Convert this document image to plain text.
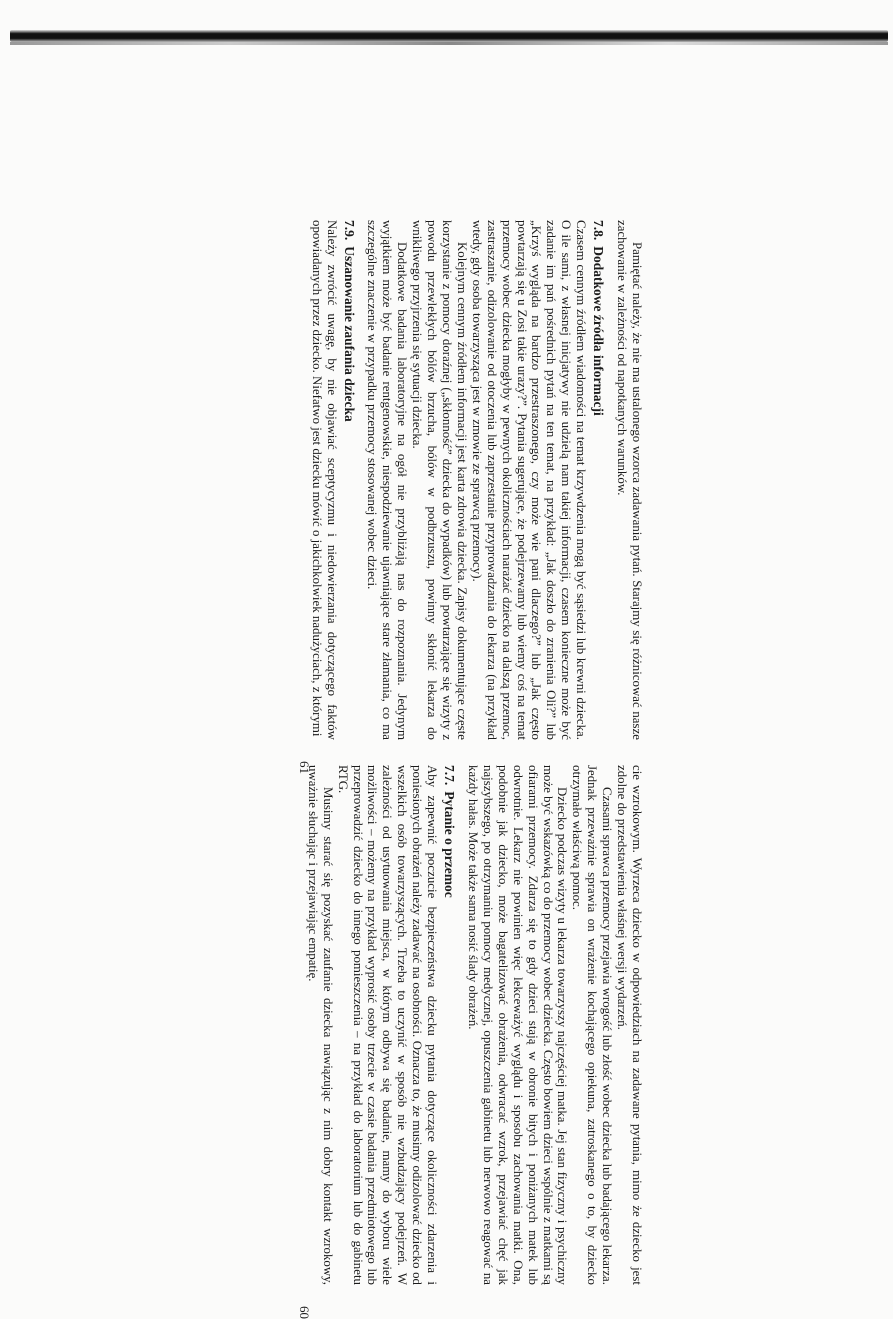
Pamiętać należy, że nie ma ustalonego wzorca zadawania pytań. Starajmy się różnicować nasze zachowanie w zależności od napotkanych warunków.

7.8.Dodatkowe źródła informacji

Czasem cennym źródłem wiadomości na temat krzywdzenia mogą być sąsiedzi lub krewni dziecka. O ile sami, z własnej inicjatywy nie udzielą nam takiej informacji, czasem konieczne może być zadanie im pań pośrednich pytań na ten temat, na przykład: „Jak doszło do zranienia Oli?” lub „Krzyś wygląda na bardzo przestraszonego, czy może wie pani dlaczego?” lub „Jak często powtarzają się u Zosi takie urazy?”. Pytania sugerujące, że podejrzewamy lub wiemy coś na temat przemocy wobec dziecka mogłyby w pewnych okolicznościach narażać dziecko na dalszą przemoc, zastraszanie, odizolowanie od otoczenia lub zaprzestanie przyprowadzania do lekarza (na przykład wtedy, gdy osoba towarzysząca jest w zmowie ze sprawcą przemocy).

Kolejnym cennym źródłem informacji jest karta zdrowia dziecka. Zapisy dokumentujące częste korzystanie z pomocy doraźnej („skłonność” dziecka do wypadków) lub powtarzające się wizyty z powodu przewlekłych bólów brzucha, bólów w podbrzuszu, powinny skłonić lekarza do wnikliwego przyjrzenia się sytuacji dziecka.

Dodatkowe badania laboratoryjne na ogół nie przybliżają nas do rozpoznania. Jedynym wyjątkiem może być badanie rentgenowskie, niespodziewanie ujawniające stare złamania, co ma szczególne znaczenie w przypadku przemocy stosowanej wobec dzieci.

7.9.Uszanowanie zaufania dziecka

Należy zwrócić uwagę, by nie objawiać sceptycyzmu i niedowierzania dotyczącego faktów opowiadanych przez dziecko. Niefatwo jest dziecku mówić o jakichkolwiek nadużyciach, z którymi

61	cie wzrokowym. Wyrzeca dziecko w odpowiedziach na zadawane pytania, mimo że dziecko jest zdolne do przedstawienia właśnej wersji wydarzeń.

Czasami sprawca przemocy przejawia wrogość lub złość wobec dziecka lub badającego lekarza. Jednak przeważnie sprawia on wrażenie kochającego opiekuna, zatroskanego o to, by dziecko otrzymało właściwą pomoc.

Dziecko podczas wizyty u lekarza towarzyszy najczęściej matka. Jej stan fizyczny i psychiczny może być wskazówką co do przemocy wobec dziecka. Często bowiem dzieci wspólnie z matkami są ofiarami przemocy. Zdarza się to gdy dzieci stają w obronie bitych i poniżanych matek lub odwrotnie. Lekarz nie powinien więc lekceważyć wyglądu i sposobu zachowania matki. Ona, podobnie jak dziecko, może bagatelizować obrażenia, odwracać wzrok, przejawiać chęć jak najszybszego, po otrzymaniu pomocy medycznej, opuszczenia gabinetu lub nerwowo reagować na każdy hałas. Może także sama nosić ślady obrażeń.

7.7.Pytanie o przemoc

Aby zapewnić poczucie bezpieczeństwa dziecku pytania dotyczące okoliczności zdarzenia i poniesionych obrażeń należy zadawać na osobności. Oznacza to, że musimy odizolować dziecko od wszelkich osób towarzyszących. Trzeba to uczynić w sposób nie wzbudzający podejrzeń. W zależności od usytuowania miejsca, w którym odbywa się badanie, mamy do wyboru wiele możliwości – możemy na przykład wyprosić osoby trzecie w czasie badania przedmiotowego lub przeprowadzić dziecko do innego pomieszczenia – na przykład do laboratorium lub do gabinetu RTG.

Musimy starać się pozyskać zaufanie dziecka nawiązując z nim dobry kontakt wzrokowy, uważnie słuchając i przejawiając empatię.

60
